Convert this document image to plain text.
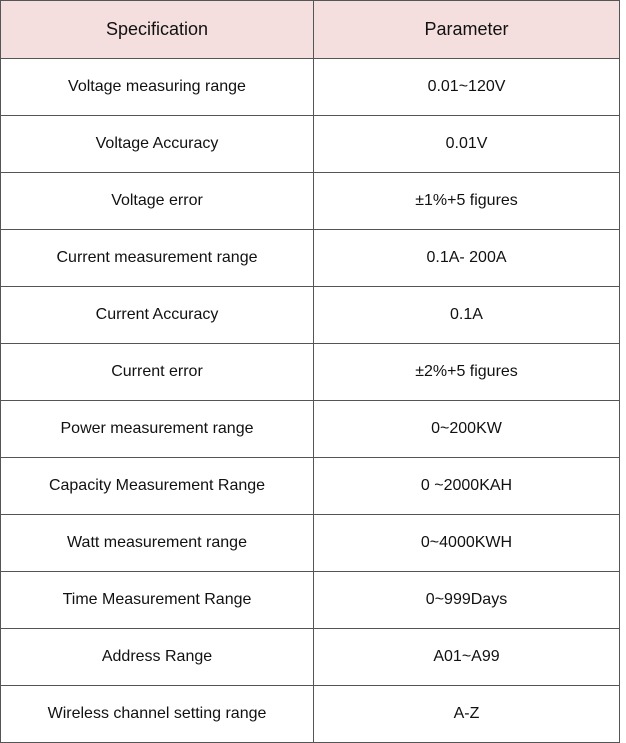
Specification	Parameter
Voltage measuring range	0.01~120V
Voltage Accuracy	0.01V
Voltage error	±1%+5 figures
Current measurement range	0.1A- 200A
Current Accuracy	0.1A
Current error	±2%+5 figures
Power measurement range	0~200KW
Capacity Measurement Range	0 ~2000KAH
Watt measurement range	0~4000KWH
Time Measurement Range	0~999Days
Address Range	A01~A99
Wireless channel setting range	A-Z
